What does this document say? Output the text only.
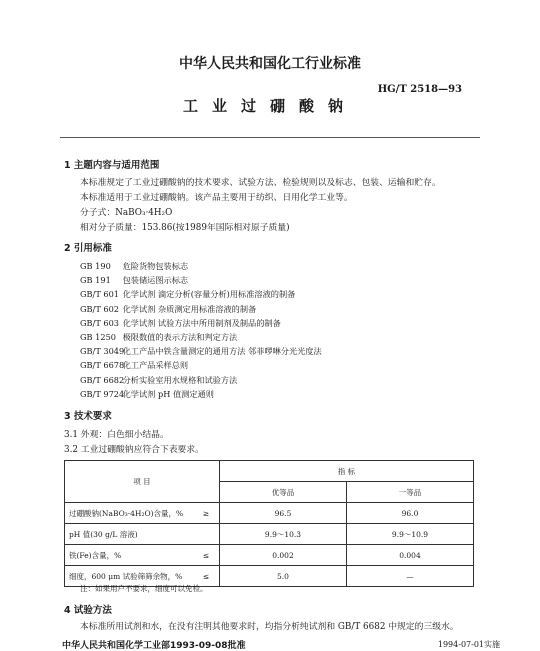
中华人民共和国化工行业标准
HG/T 2518—93
工业过硼酸钠
1 主题内容与适用范围
本标准规定了工业过硼酸钠的技术要求、试验方法、检验规则以及标志、包装、运输和贮存。
本标准适用于工业过硼酸钠。该产品主要用于纺织、日用化学工业等。
分子式：NaBO₃·4H₂O
相对分子质量：153.86(按1989年国际相对原子质量)
2 引用标准
GB 190 危险货物包装标志
GB 191 包装储运图示标志
GB/T 601 化学试剂 滴定分析(容量分析)用标准溶液的制备
GB/T 602 化学试剂 杂质测定用标准溶液的制备
GB/T 603 化学试剂 试验方法中所用制剂及制品的制备
GB 1250 极限数值的表示方法和判定方法
GB/T 3049 化工产品中铁含量测定的通用方法 邻菲啰啉分光光度法
GB/T 6678 化工产品采样总则
GB/T 6682 分析实验室用水规格和试验方法
GB/T 9724 化学试剂 pH 值测定通则
3 技术要求
3.1 外观：白色细小结晶。
3.2 工业过硼酸钠应符合下表要求。
项 目		指 标	
		优等品	一等品
过硼酸钠(NaBO₃·4H₂O)含量，%	≥	96.5	96.0
pH 值(30 g/L 溶液)		9.9～10.3	9.9～10.9
铁(Fe)含量，%	≤	0.002	0.004
细度，600 μm 试验筛筛余物，%	≤	5.0	—
注：如果用户不要求，细度可以免检。
4 试验方法
本标准所用试剂和水，在没有注明其他要求时，均指分析纯试剂和 GB/T 6682 中规定的三级水。
中华人民共和国化学工业部1993-09-08批准	1994-07-01实施
